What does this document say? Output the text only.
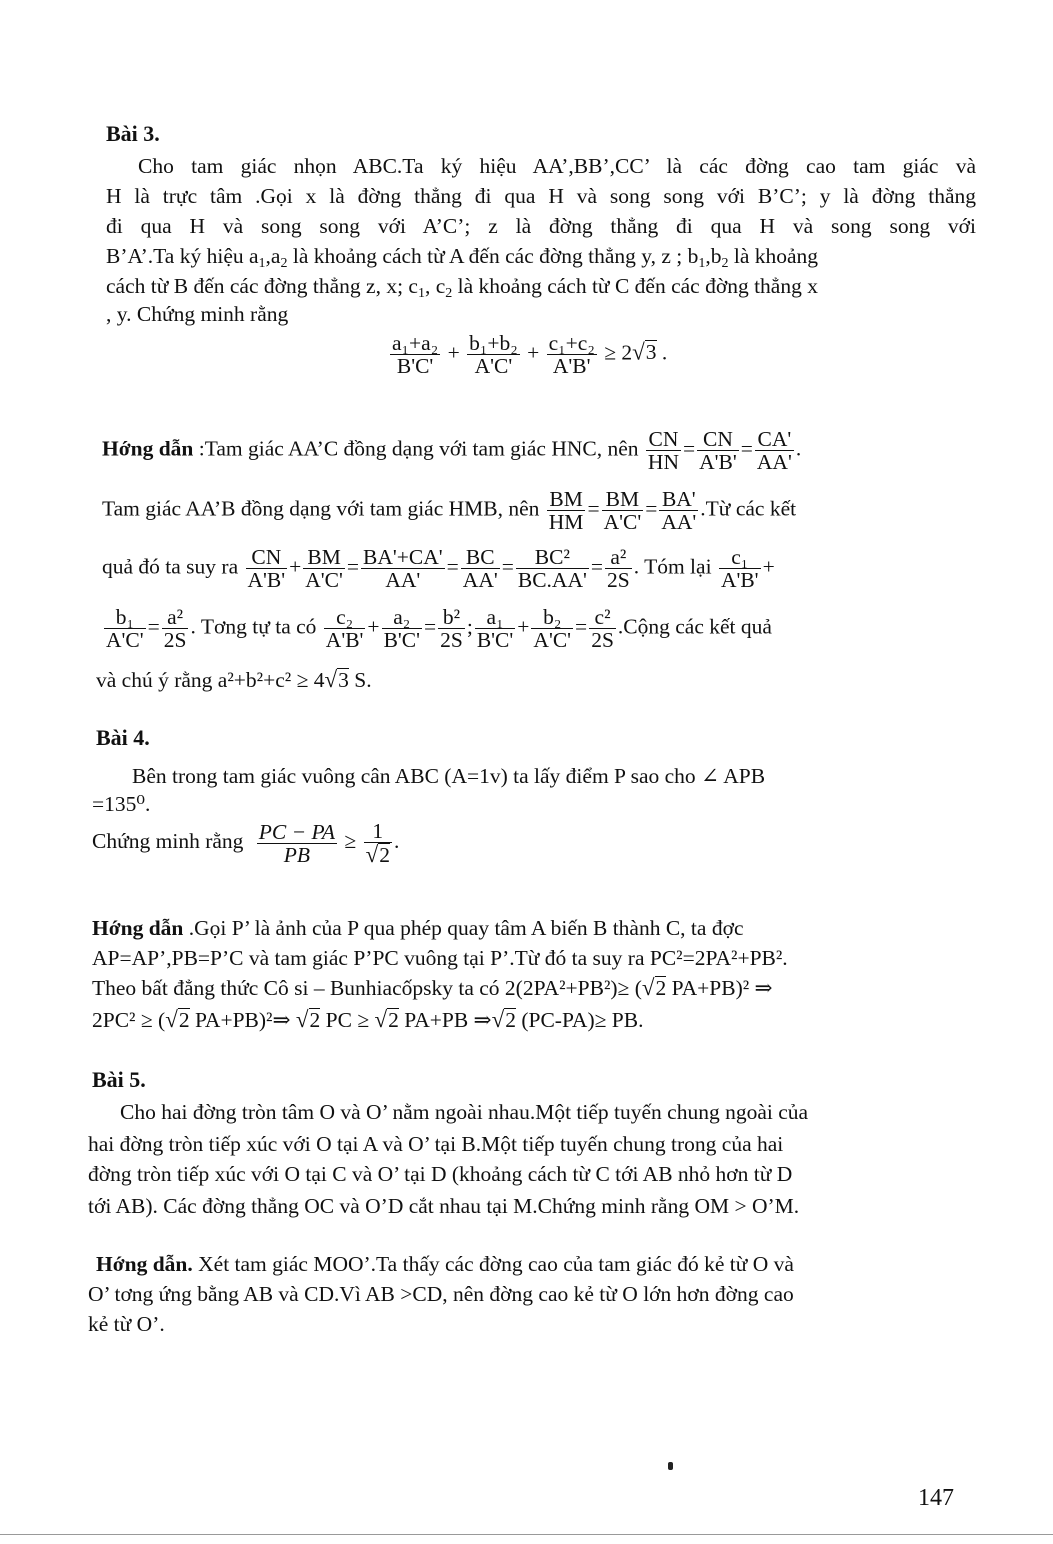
Bài 3.
Cho tam giác nhọn ABC.Ta ký hiệu AA’,BB’,CC’ là các đờng cao tam giác và
H là trực tâm .Gọi x là đờng thẳng đi qua H và song song với B’C’; y là đờng thẳng
đi qua H và song song với A’C’; z là đờng thẳng đi qua H và song song với
B’A’.Ta ký hiệu $a_1,a_2$ là khoảng cách từ A đến các đờng thẳng y, z ; $b_1,b_2$ là khoảng
cách từ B đến các đờng thẳng z, x; $c_1$, $c_2$ là khoảng cách từ C đến các đờng thẳng x
, y. Chứng minh rằng
$\frac{\text{a₁+a₂}}{B'C'} + \frac{\text{b₁+b₂}}{A'C'} + \frac{\text{c₁+c₂}}{A'B'} \ge 2√3$ .
Hớng dẫn :Tam giác AA’C đồng dạng với tam giác HNC, nên $\frac{CN}{HN} = \frac{CN}{A'B'} = \frac{CA'}{AA'}$ .
Tam giác AA’B đồng dạng với tam giác HMB, nên $\frac{BM}{HM} = \frac{BM}{A'C'} = \frac{BA'}{AA'}$ .Từ các kết
quả đó ta suy ra $\frac{CN}{A'B'} + \frac{BM}{A'C'} = \frac{BA'+CA'}{AA'} = \frac{BC}{AA'} = \frac{\text{BC²}}{BC.AA'} = \frac{\text{a²}}{2S}$ . Tóm lại $\frac{\text{c₁}}{A'B'}$ +
$\frac{\text{b₁}}{A'C'} = \frac{\text{a²}}{2S}$ . Tơng tự ta có $\frac{\text{c₂}}{A'B'} + \frac{\text{a₂}}{B'C'} = \frac{\text{b²}}{2S}$ ; $\frac{\text{a₁}}{B'C'} + \frac{\text{b₂}}{A'C'} = \frac{\text{c²}}{2S}$ .Cộng các kết quả
và chú ý rằng a²+b²+c² ≥ 4√3 S.
Bài 4.
Bên trong tam giác vuông cân ABC (A=1v) ta lấy điểm P sao cho ∠ APB
=135⁰.
Chứng minh rằng $\frac{PC - PA}{PB} \ge \frac{1}{√2}$ .
Hớng dẫn .Gọi P’ là ảnh của P qua phép quay tâm A biến B thành C, ta đợc
AP=AP’,PB=P’C và tam giác P’PC vuông tại P’.Từ đó ta suy ra PC²=2PA²+PB².
Theo bất đẳng thức Cô si – Bunhiacốpsky ta có 2(2PA²+PB²)≥ (√2 PA+PB)² ⇒
2PC² ≥ (√2 PA+PB)²⇒ √2 PC ≥ √2 PA+PB ⇒√2 (PC-PA)≥ PB.
Bài 5.
Cho hai đờng tròn tâm O và O’ nằm ngoài nhau.Một tiếp tuyến chung ngoài của
hai đờng tròn tiếp xúc với O tại A và O’ tại B.Một tiếp tuyến chung trong của hai
đờng tròn tiếp xúc với O tại C và O’ tại D (khoảng cách từ C tới AB nhỏ hơn từ D
tới AB). Các đờng thẳng OC và O’D cắt nhau tại M.Chứng minh rằng OM > O’M.
Hớng dẫn. Xét tam giác MOO’.Ta thấy các đờng cao của tam giác đó kẻ từ O và
O’ tơng ứng bằng AB và CD.Vì AB >CD, nên đờng cao kẻ từ O lớn hơn đờng cao
kẻ từ O’.
147
